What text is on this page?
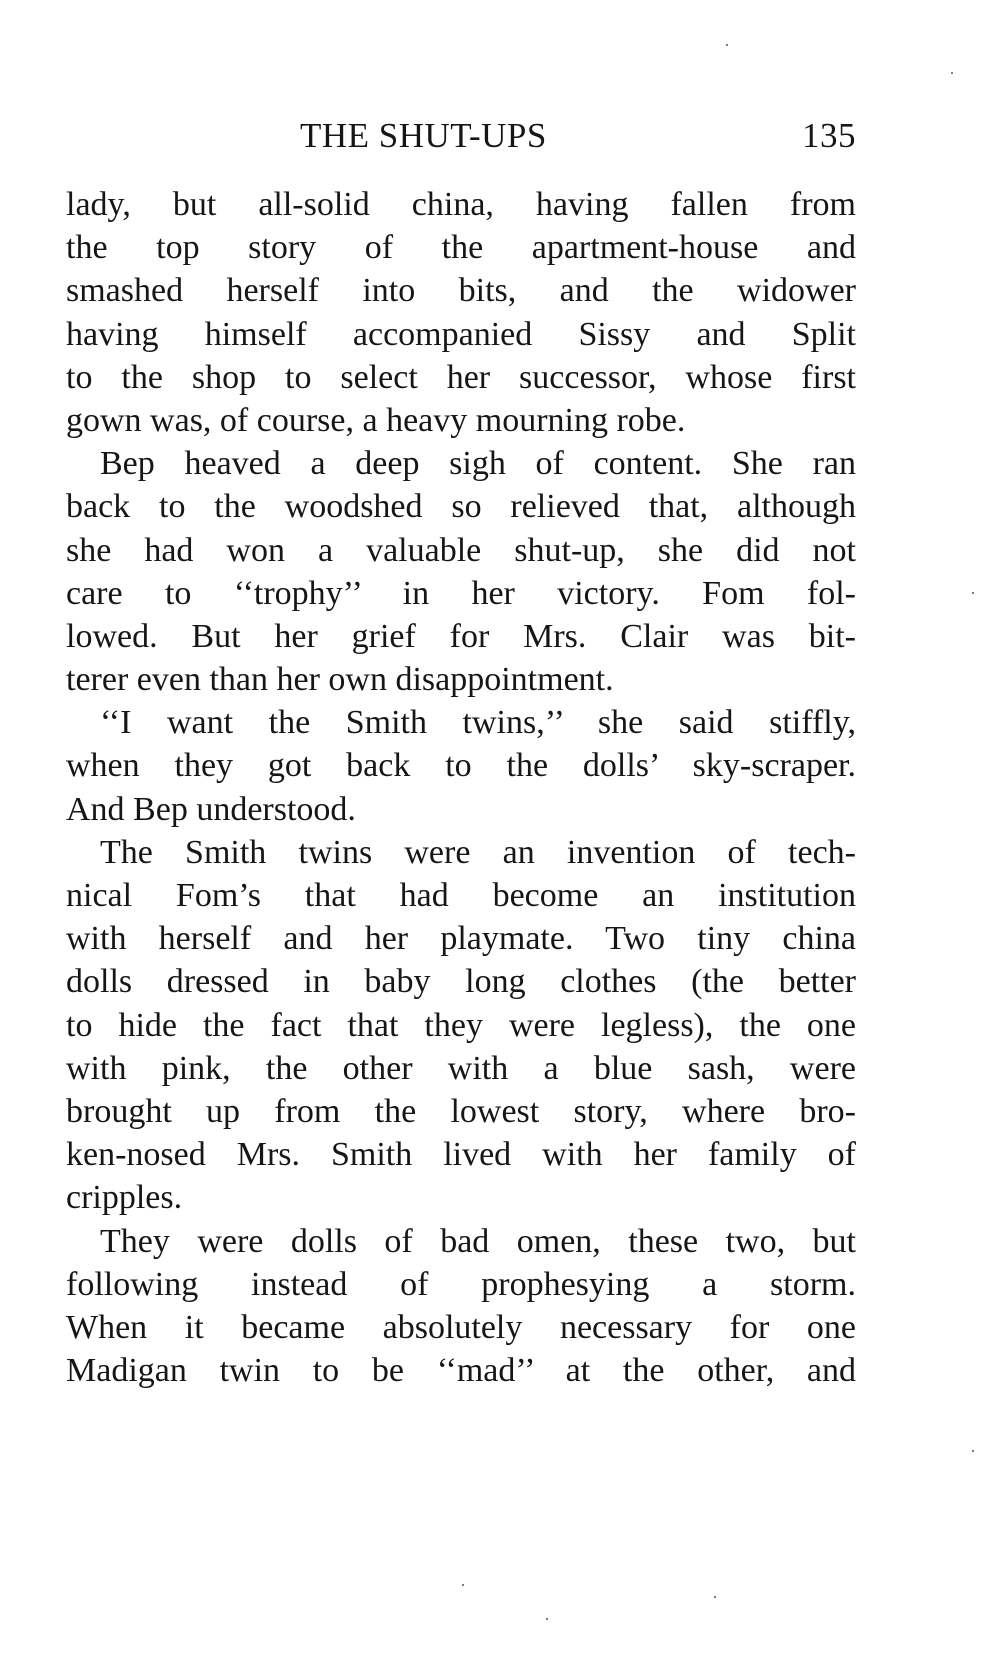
THE SHUT-UPS	135
lady, but all-solid china, having fallen from
the top story of the apartment-house and
smashed herself into bits, and the widower
having himself accompanied Sissy and Split
to the shop to select her successor, whose first
gown was, of course, a heavy mourning robe.
Bep heaved a deep sigh of content. She ran
back to the woodshed so relieved that, although
she had won a valuable shut-up, she did not
care to ‘‘trophy’’ in her victory. Fom fol-
lowed. But her grief for Mrs. Clair was bit-
terer even than her own disappointment.
‘‘I want the Smith twins,’’ she said stiffly,
when they got back to the dolls’ sky-scraper.
And Bep understood.
The Smith twins were an invention of tech-
nical Fom’s that had become an institution
with herself and her playmate. Two tiny china
dolls dressed in baby long clothes (the better
to hide the fact that they were legless), the one
with pink, the other with a blue sash, were
brought up from the lowest story, where bro-
ken-nosed Mrs. Smith lived with her family of
cripples.
They were dolls of bad omen, these two, but
following instead of prophesying a storm.
When it became absolutely necessary for one
Madigan twin to be ‘‘mad’’ at the other, and
